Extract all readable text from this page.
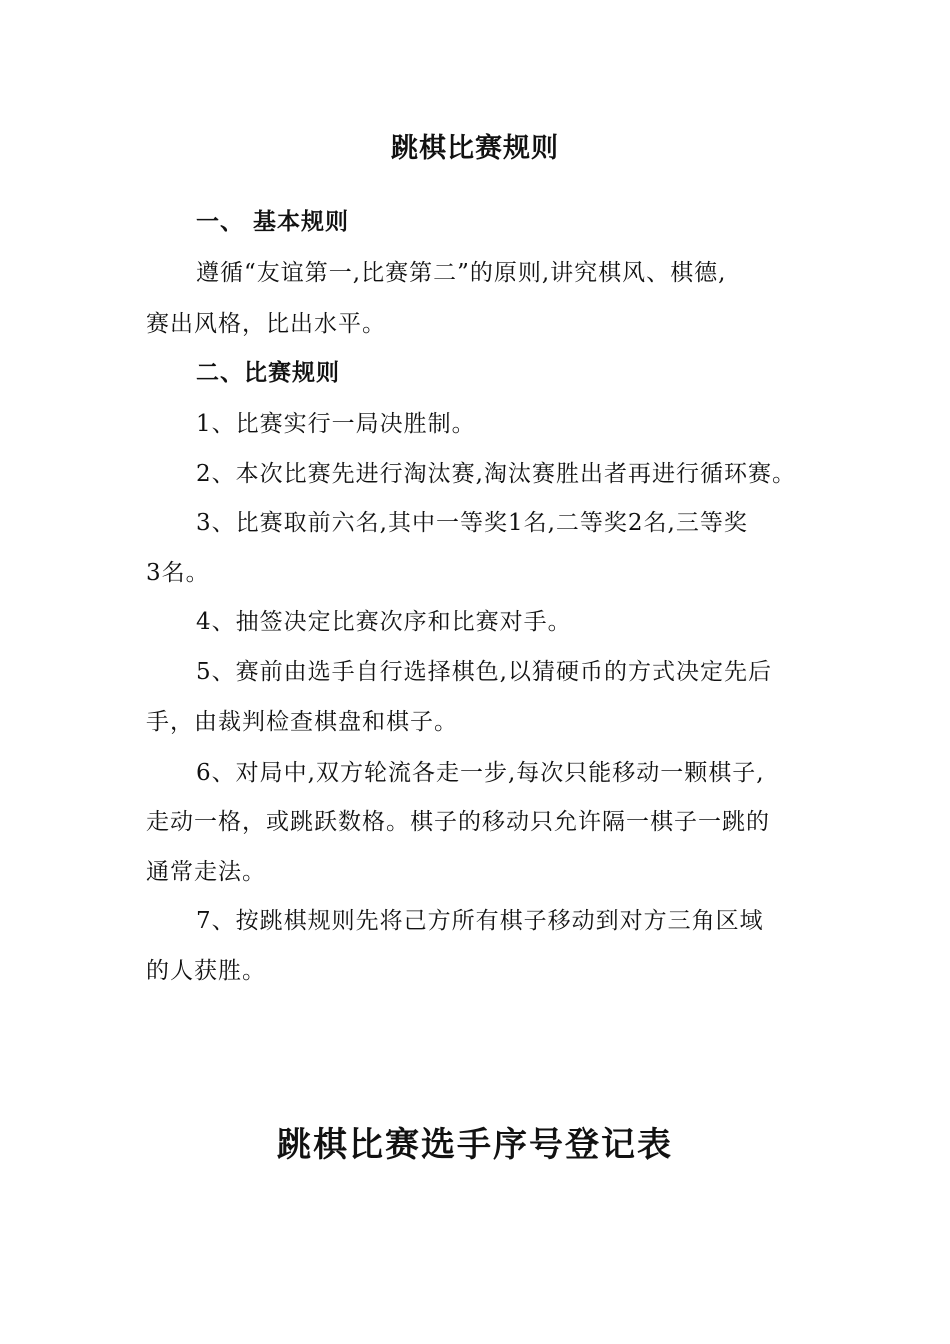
跳棋比赛规则
一、 基本规则
遵循“友谊第一,比赛第二”的原则,讲究棋风、棋德,
赛出风格，比出水平。
二、比赛规则
1、比赛实行一局决胜制。
2、本次比赛先进行淘汰赛,淘汰赛胜出者再进行循环赛。
3、比赛取前六名,其中一等奖1名,二等奖2名,三等奖
3名。
4、抽签决定比赛次序和比赛对手。
5、赛前由选手自行选择棋色,以猜硬币的方式决定先后
手，由裁判检查棋盘和棋子。
6、对局中,双方轮流各走一步,每次只能移动一颗棋子,
走动一格，或跳跃数格。棋子的移动只允许隔一棋子一跳的
通常走法。
7、按跳棋规则先将己方所有棋子移动到对方三角区域
的人获胜。
跳棋比赛选手序号登记表
